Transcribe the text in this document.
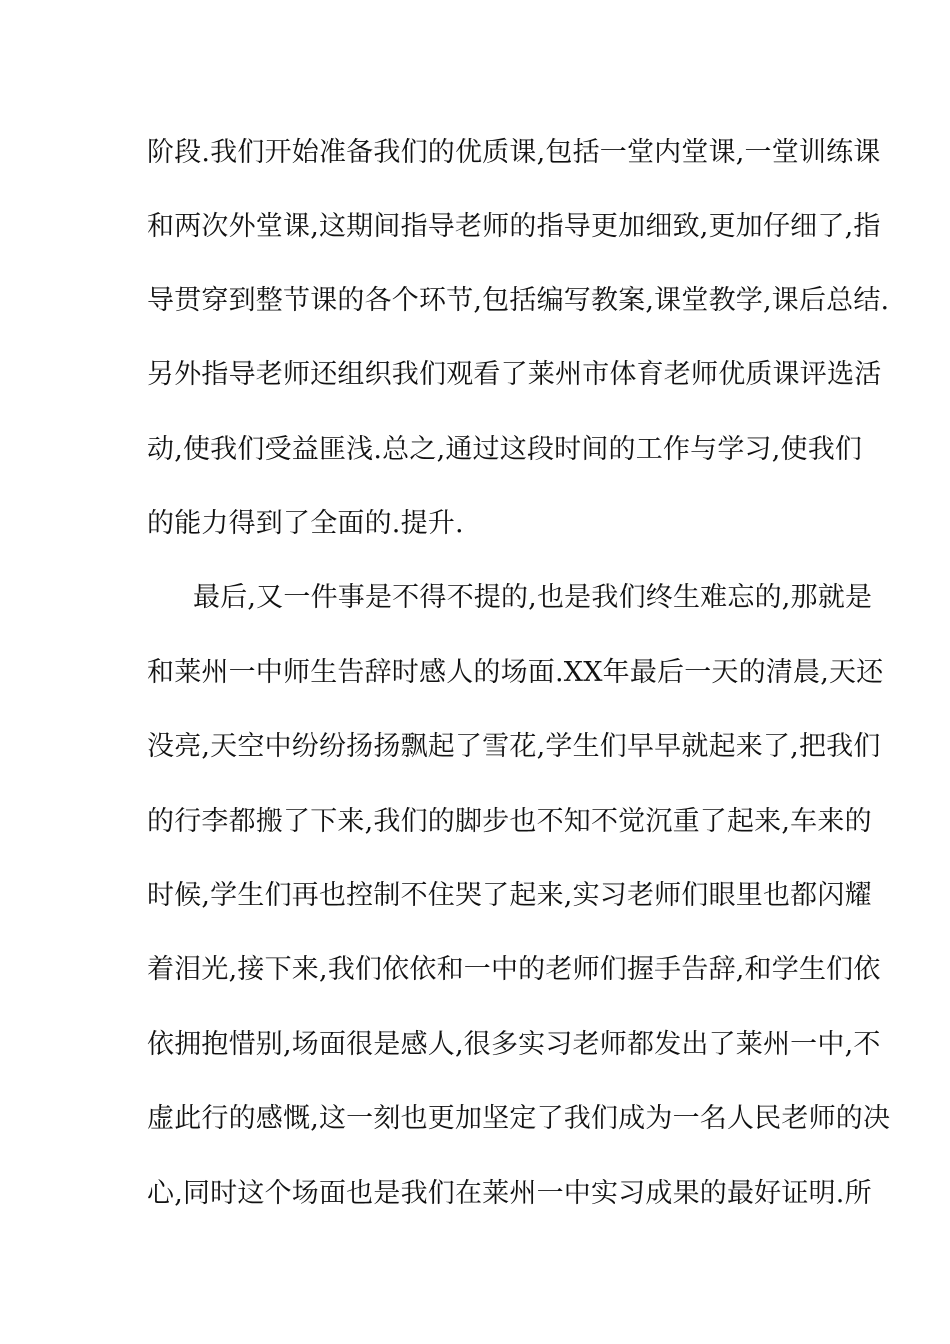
阶段.我们开始准备我们的优质课,包括一堂内堂课,一堂训练课
和两次外堂课,这期间指导老师的指导更加细致,更加仔细了,指
导贯穿到整节课的各个环节,包括编写教案,课堂教学,课后总结.
另外指导老师还组织我们观看了莱州市体育老师优质课评选活
动,使我们受益匪浅.总之,通过这段时间的工作与学习,使我们
的能力得到了全面的.提升.
最后,又一件事是不得不提的,也是我们终生难忘的,那就是
和莱州一中师生告辞时感人的场面.XX年最后一天的清晨,天还
没亮,天空中纷纷扬扬飘起了雪花,学生们早早就起来了,把我们
的行李都搬了下来,我们的脚步也不知不觉沉重了起来,车来的
时候,学生们再也控制不住哭了起来,实习老师们眼里也都闪耀
着泪光,接下来,我们依依和一中的老师们握手告辞,和学生们依
依拥抱惜别,场面很是感人,很多实习老师都发出了莱州一中,不
虚此行的感慨,这一刻也更加坚定了我们成为一名人民老师的决
心,同时这个场面也是我们在莱州一中实习成果的最好证明.所
